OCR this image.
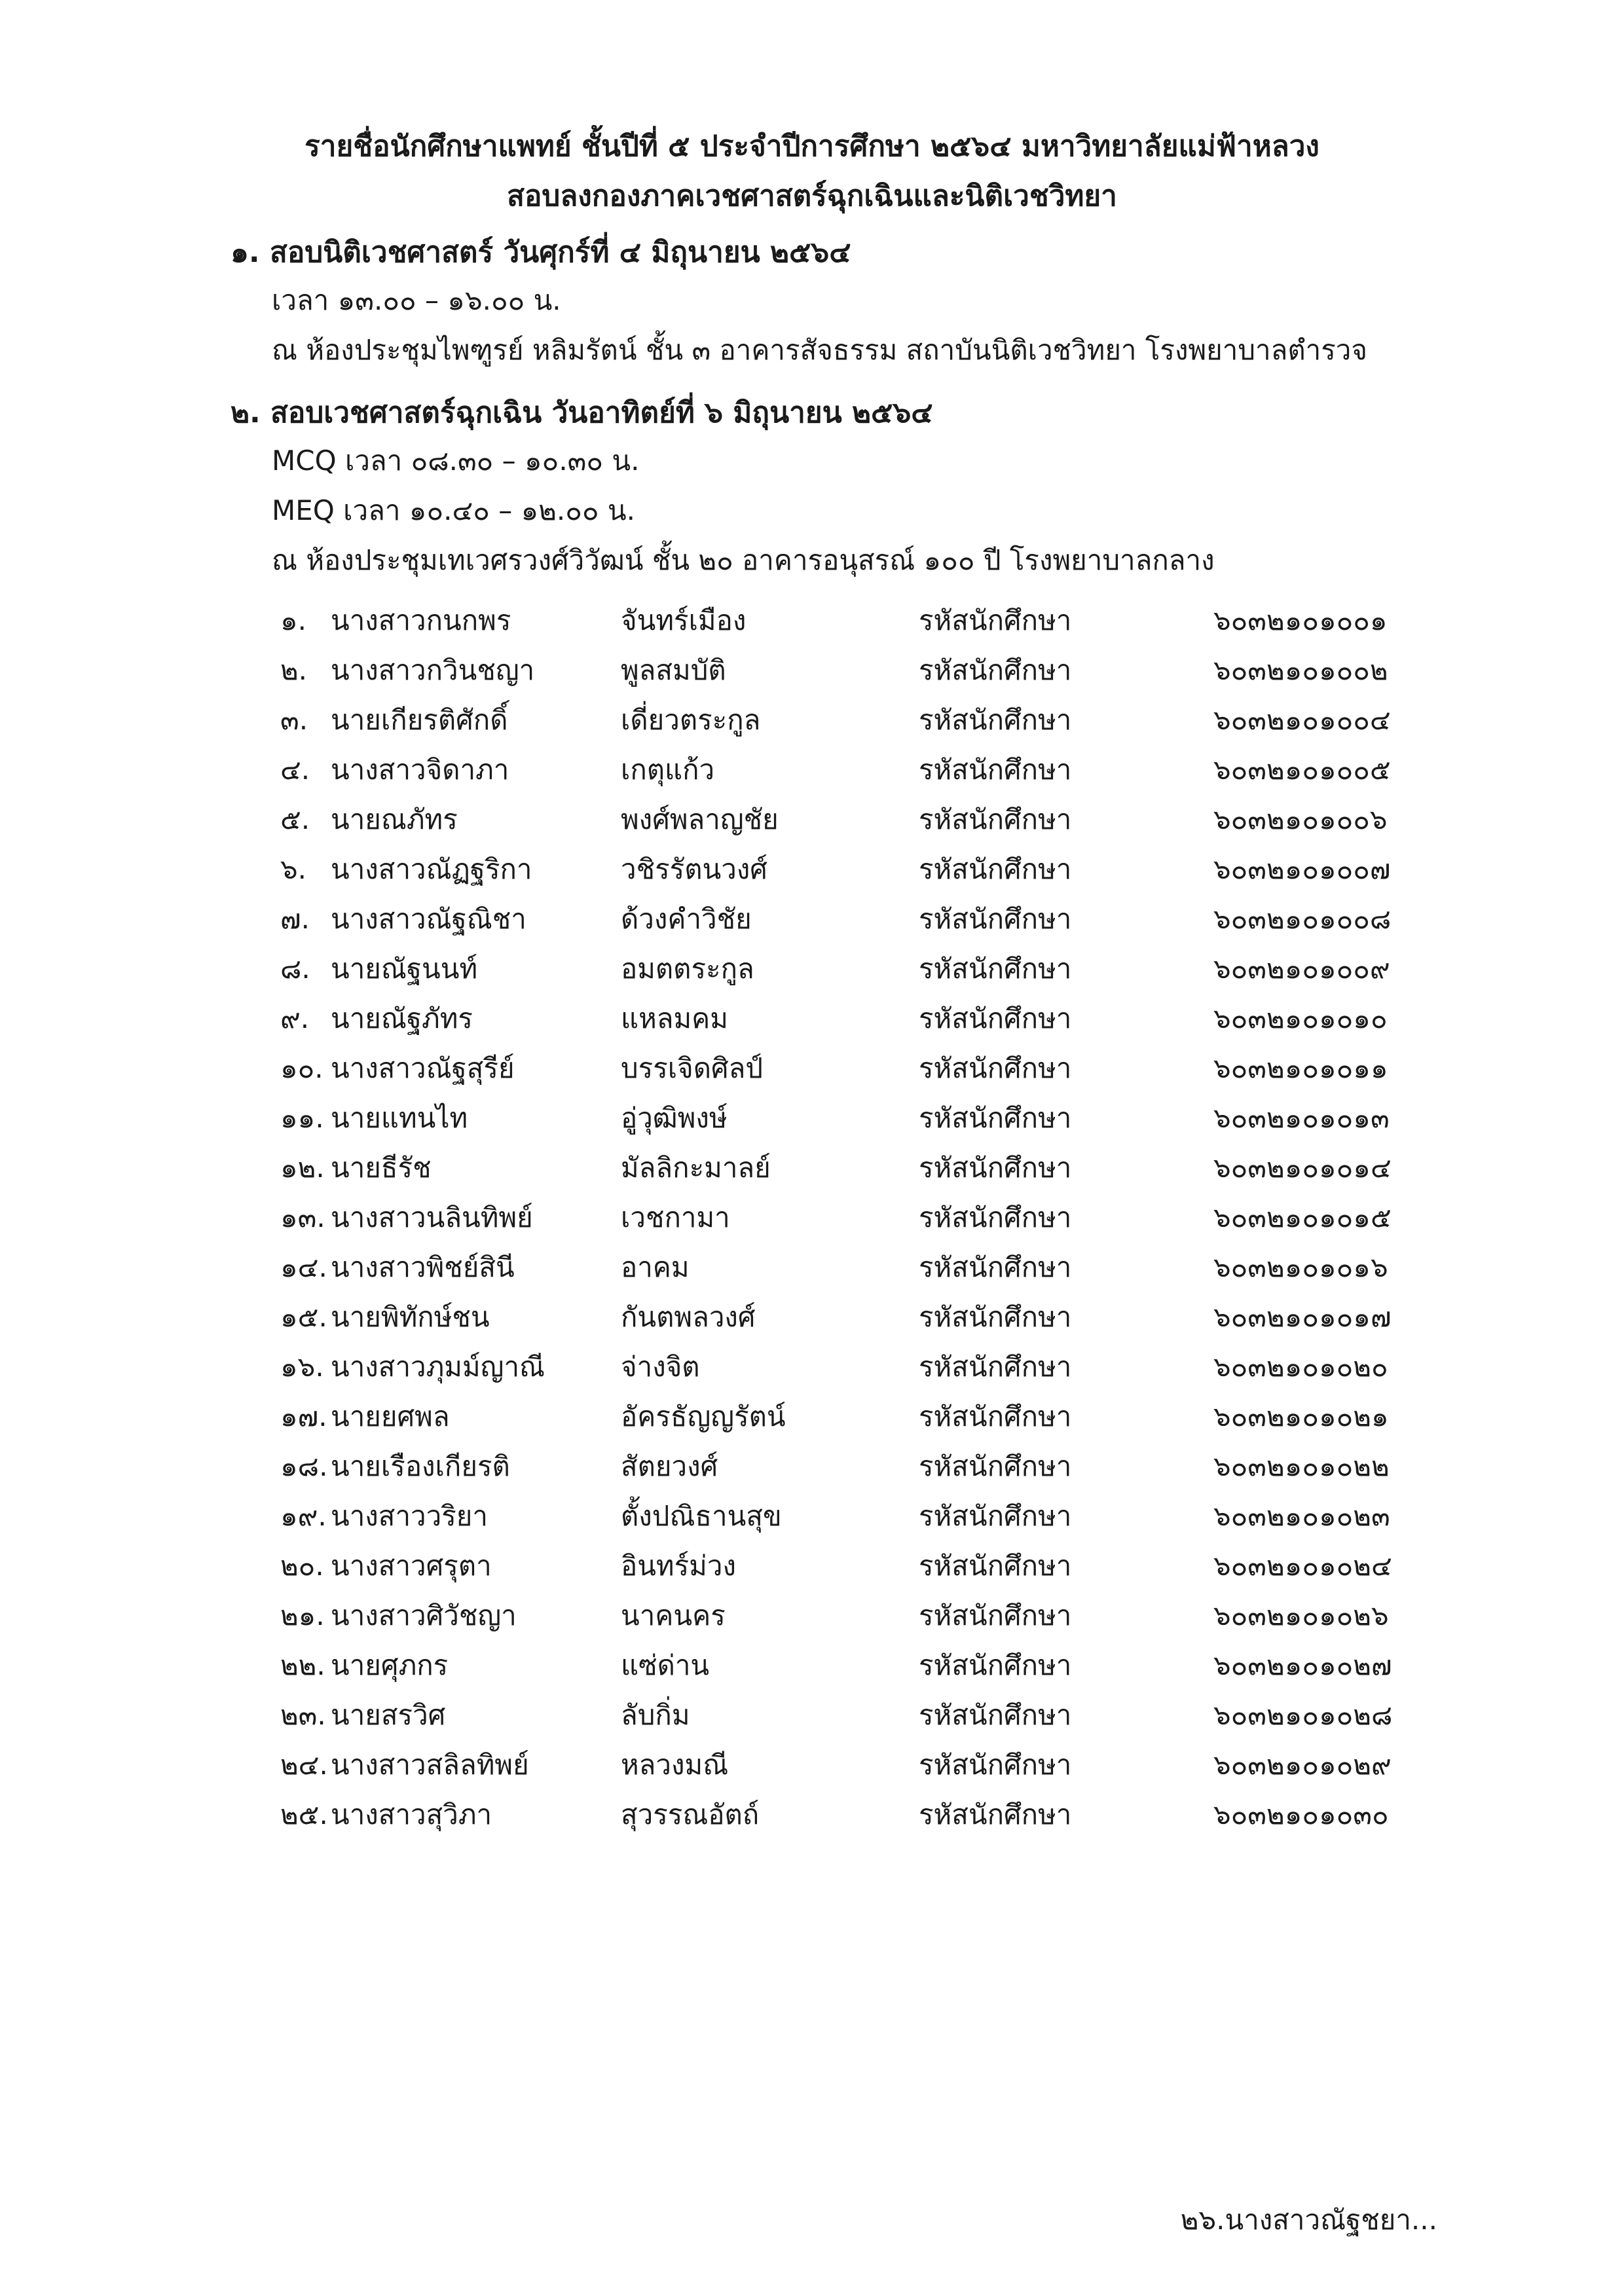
รายชื่อนักศึกษาแพทย์ ชั้นปีที่ ๕ ประจำปีการศึกษา ๒๕๖๔ มหาวิทยาลัยแม่ฟ้าหลวง
สอบลงกองภาคเวชศาสตร์ฉุกเฉินและนิติเวชวิทยา
๑. สอบนิติเวชศาสตร์ วันศุกร์ที่ ๔ มิถุนายน ๒๕๖๔
เวลา ๑๓.๐๐ – ๑๖.๐๐ น.
ณ ห้องประชุมไพฑูรย์ หลิมรัตน์ ชั้น ๓ อาคารสัจธรรม สถาบันนิติเวชวิทยา โรงพยาบาลตำรวจ
๒. สอบเวชศาสตร์ฉุกเฉิน วันอาทิตย์ที่ ๖ มิถุนายน ๒๕๖๔
MCQ เวลา ๐๘.๓๐ – ๑๐.๓๐ น.
MEQ เวลา ๑๐.๔๐ – ๑๒.๐๐ น.
ณ ห้องประชุมเทเวศรวงศ์วิวัฒน์ ชั้น ๒๐ อาคารอนุสรณ์ ๑๐๐ ปี โรงพยาบาลกลาง
๑. นางสาวกนกพร	จันทร์เมือง	รหัสนักศึกษา	๖๐๓๒๑๐๑๐๐๑
๒. นางสาวกวินชญา	พูลสมบัติ	รหัสนักศึกษา	๖๐๓๒๑๐๑๐๐๒
๓. นายเกียรติศักดิ์	เดี่ยวตระกูล	รหัสนักศึกษา	๖๐๓๒๑๐๑๐๐๔
๔. นางสาวจิดาภา	เกตุแก้ว	รหัสนักศึกษา	๖๐๓๒๑๐๑๐๐๕
๕. นายณภัทร	พงศ์พลาญชัย	รหัสนักศึกษา	๖๐๓๒๑๐๑๐๐๖
๖. นางสาวณัฏฐริกา	วชิรรัตนวงศ์	รหัสนักศึกษา	๖๐๓๒๑๐๑๐๐๗
๗. นางสาวณัฐณิชา	ด้วงคำวิชัย	รหัสนักศึกษา	๖๐๓๒๑๐๑๐๐๘
๘. นายณัฐนนท์	อมตตระกูล	รหัสนักศึกษา	๖๐๓๒๑๐๑๐๐๙
๙. นายณัฐภัทร	แหลมคม	รหัสนักศึกษา	๖๐๓๒๑๐๑๐๑๐
๑๐. นางสาวณัฐสุรีย์	บรรเจิดศิลป์	รหัสนักศึกษา	๖๐๓๒๑๐๑๐๑๑
๑๑. นายแทนไท	อู่วุฒิพงษ์	รหัสนักศึกษา	๖๐๓๒๑๐๑๐๑๓
๑๒. นายธีรัช	มัลลิกะมาลย์	รหัสนักศึกษา	๖๐๓๒๑๐๑๐๑๔
๑๓. นางสาวนลินทิพย์	เวชกามา	รหัสนักศึกษา	๖๐๓๒๑๐๑๐๑๕
๑๔. นางสาวพิชย์สินี	อาคม	รหัสนักศึกษา	๖๐๓๒๑๐๑๐๑๖
๑๕. นายพิทักษ์ชน	กันตพลวงศ์	รหัสนักศึกษา	๖๐๓๒๑๐๑๐๑๗
๑๖. นางสาวภุมม์ญาณี	จ่างจิต	รหัสนักศึกษา	๖๐๓๒๑๐๑๐๒๐
๑๗. นายยศพล	อัครธัญญรัตน์	รหัสนักศึกษา	๖๐๓๒๑๐๑๐๒๑
๑๘. นายเรืองเกียรติ	สัตยวงศ์	รหัสนักศึกษา	๖๐๓๒๑๐๑๐๒๒
๑๙. นางสาววริยา	ตั้งปณิธานสุข	รหัสนักศึกษา	๖๐๓๒๑๐๑๐๒๓
๒๐. นางสาวศรุตา	อินทร์ม่วง	รหัสนักศึกษา	๖๐๓๒๑๐๑๐๒๔
๒๑. นางสาวศิวัชญา	นาคนคร	รหัสนักศึกษา	๖๐๓๒๑๐๑๐๒๖
๒๒. นายศุภกร	แซ่ด่าน	รหัสนักศึกษา	๖๐๓๒๑๐๑๐๒๗
๒๓. นายสรวิศ	ลับกิ่ม	รหัสนักศึกษา	๖๐๓๒๑๐๑๐๒๘
๒๔. นางสาวสลิลทิพย์	หลวงมณี	รหัสนักศึกษา	๖๐๓๒๑๐๑๐๒๙
๒๕. นางสาวสุวิภา	สุวรรณอัตถ์	รหัสนักศึกษา	๖๐๓๒๑๐๑๐๓๐
๒๖.นางสาวณัฐชยา...
